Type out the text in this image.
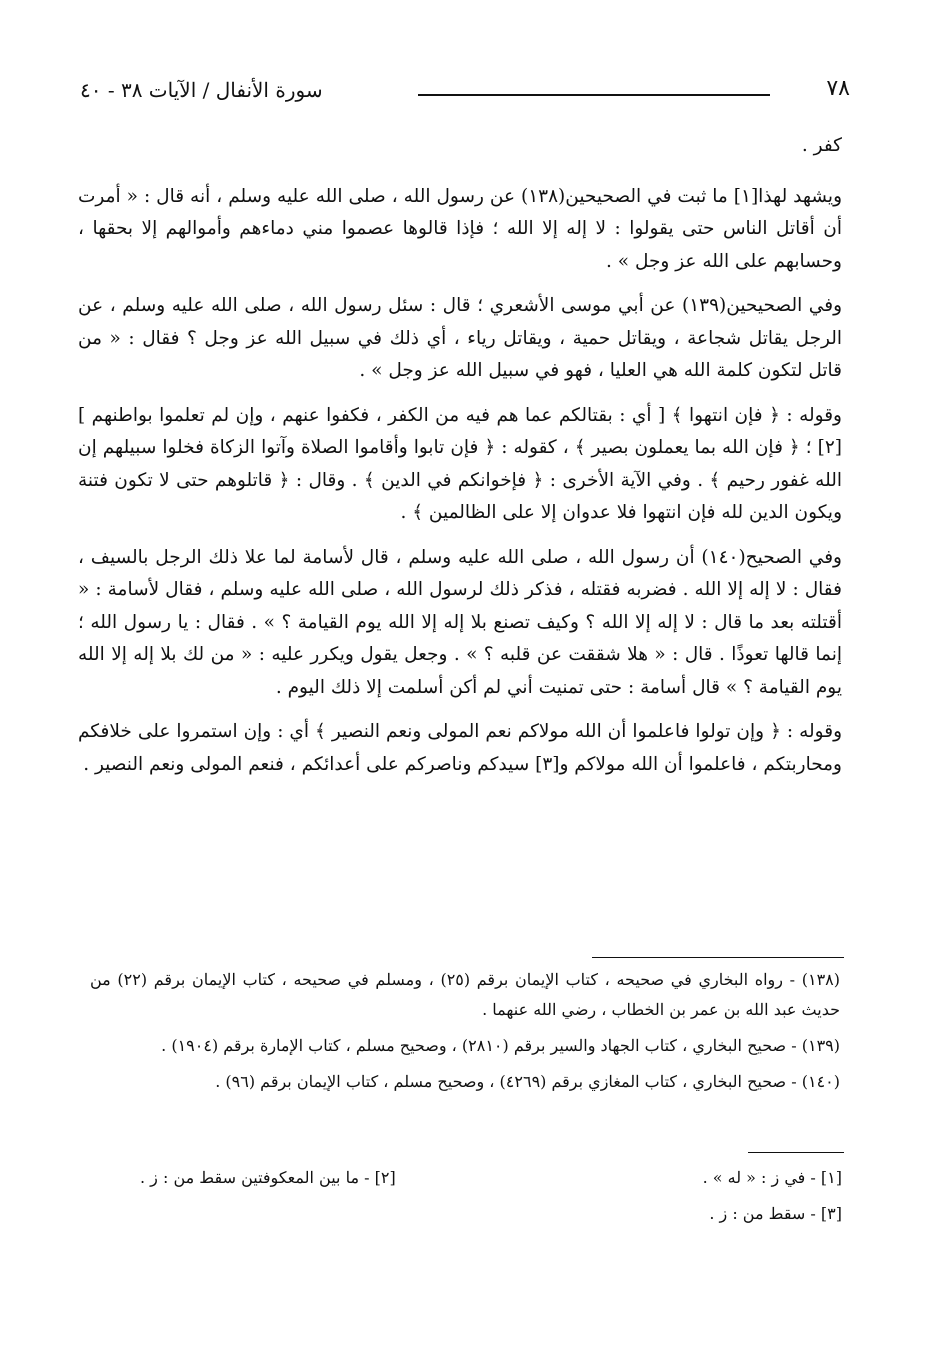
٧٨
سورة الأنفال / الآيات ٣٨ - ٤٠

كفر .

ويشهد لهذا[١] ما ثبت في الصحيحين(١٣٨) عن رسول الله ، صلى الله عليه وسلم ، أنه قال : « أمرت أن أقاتل الناس حتى يقولوا : لا إله إلا الله ؛ فإذا قالوها عصموا مني دماءهم وأموالهم إلا بحقها ، وحسابهم على الله عز وجل » .

وفي الصحيحين(١٣٩) عن أبي موسى الأشعري ؛ قال : سئل رسول الله ، صلى الله عليه وسلم ، عن الرجل يقاتل شجاعة ، ويقاتل حمية ، ويقاتل رياء ، أي ذلك في سبيل الله عز وجل ؟ فقال : « من قاتل لتكون كلمة الله هي العليا ، فهو في سبيل الله عز وجل » .

وقوله : ﴿ فإن انتهوا ﴾ [ أي : بقتالكم عما هم فيه من الكفر ، فكفوا عنهم ، وإن لم تعلموا بواطنهم ][٢] ؛ ﴿ فإن الله بما يعملون بصير ﴾ ، كقوله : ﴿ فإن تابوا وأقاموا الصلاة وآتوا الزكاة فخلوا سبيلهم إن الله غفور رحيم ﴾ . وفي الآية الأخرى : ﴿ فإخوانكم في الدين ﴾ . وقال : ﴿ قاتلوهم حتى لا تكون فتنة ويكون الدين لله فإن انتهوا فلا عدوان إلا على الظالمين ﴾ .

وفي الصحيح(١٤٠) أن رسول الله ، صلى الله عليه وسلم ، قال لأسامة لما علا ذلك الرجل بالسيف ، فقال : لا إله إلا الله . فضربه فقتله ، فذكر ذلك لرسول الله ، صلى الله عليه وسلم ، فقال لأسامة : « أقتلته بعد ما قال : لا إله إلا الله ؟ وكيف تصنع بلا إله إلا الله يوم القيامة ؟ » . فقال : يا رسول الله ؛ إنما قالها تعوذًا . قال : « هلا شققت عن قلبه ؟ » . وجعل يقول ويكرر عليه : « من لك بلا إله إلا الله يوم القيامة ؟ » قال أسامة : حتى تمنيت أني لم أكن أسلمت إلا ذلك اليوم .

وقوله : ﴿ وإن تولوا فاعلموا أن الله مولاكم نعم المولى ونعم النصير ﴾ أي : وإن استمروا على خلافكم ومحاربتكم ، فاعلموا أن الله مولاكم و[٣] سيدكم وناصركم على أعدائكم ، فنعم المولى ونعم النصير .

(١٣٨) - رواه البخاري في صحيحه ، كتاب الإيمان برقم (٢٥) ، ومسلم في صحيحه ، كتاب الإيمان برقم (٢٢) من حديث عبد الله بن عمر بن الخطاب ، رضي الله عنهما .

(١٣٩) - صحيح البخاري ، كتاب الجهاد والسير برقم (٢٨١٠) ، وصحيح مسلم ، كتاب الإمارة برقم (١٩٠٤) .

(١٤٠) - صحيح البخاري ، كتاب المغازي برقم (٤٢٦٩) ، وصحيح مسلم ، كتاب الإيمان برقم (٩٦) .

[١] - في ز : « له » .
[٢] - ما بين المعكوفتين سقط من : ز .
[٣] - سقط من : ز .
